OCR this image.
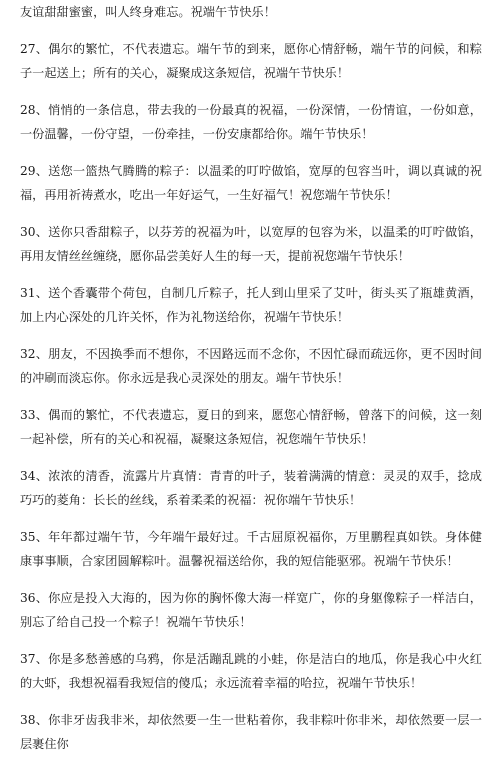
友谊甜甜蜜蜜，叫人终身难忘。祝端午节快乐！

27、偶尔的繁忙，不代表遗忘。端午节的到来，愿你心情舒畅，端午节的问候，和粽子一起送上；所有的关心，凝聚成这条短信，祝端午节快乐！

28、悄悄的一条信息，带去我的一份最真的祝福，一份深情，一份情谊，一份如意，一份温馨，一份守望，一份牵挂，一份安康都给你。端午节快乐！

29、送您一篮热气腾腾的粽子：以温柔的叮咛做馅，宽厚的包容当叶，调以真诚的祝福，再用祈祷煮水，吃出一年好运气，一生好福气！祝您端午节快乐！

30、送你只香甜粽子，以芬芳的祝福为叶，以宽厚的包容为米，以温柔的叮咛做馅，再用友情丝丝缠绕，愿你品尝美好人生的每一天，提前祝您端午节快乐！

31、送个香囊带个荷包，自制几斤粽子，托人到山里采了艾叶，街头买了瓶雄黄酒，加上内心深处的几许关怀，作为礼物送给你，祝端午节快乐！

32、朋友，不因换季而不想你，不因路远而不念你，不因忙碌而疏远你，更不因时间的冲刷而淡忘你。你永远是我心灵深处的朋友。端午节快乐！

33、偶而的繁忙，不代表遗忘，夏日的到来，愿您心情舒畅，曾落下的问候，这一刻一起补偿，所有的关心和祝福，凝聚这条短信，祝您端午节快乐！

34、浓浓的清香，流露片片真情：青青的叶子，装着满满的情意：灵灵的双手，捻成巧巧的菱角：长长的丝线，系着柔柔的祝福：祝你端午节快乐！

35、年年都过端午节，今年端午最好过。千古屈原祝福你，万里鹏程真如铁。身体健康事事顺，合家团圆解粽叶。温馨祝福送给你，我的短信能驱邪。祝端午节快乐！

36、你应是投入大海的，因为你的胸怀像大海一样宽广，你的身躯像粽子一样洁白，别忘了给自己投一个粽子！祝端午节快乐！

37、你是多愁善感的乌鸦，你是活蹦乱跳的小蛙，你是洁白的地瓜，你是我心中火红的大虾，我想祝福看我短信的傻瓜；永远流着幸福的哈拉，祝端午节快乐！

38、你非牙齿我非米，却依然要一生一世粘着你，我非粽叶你非米，却依然要一层一层裹住你
